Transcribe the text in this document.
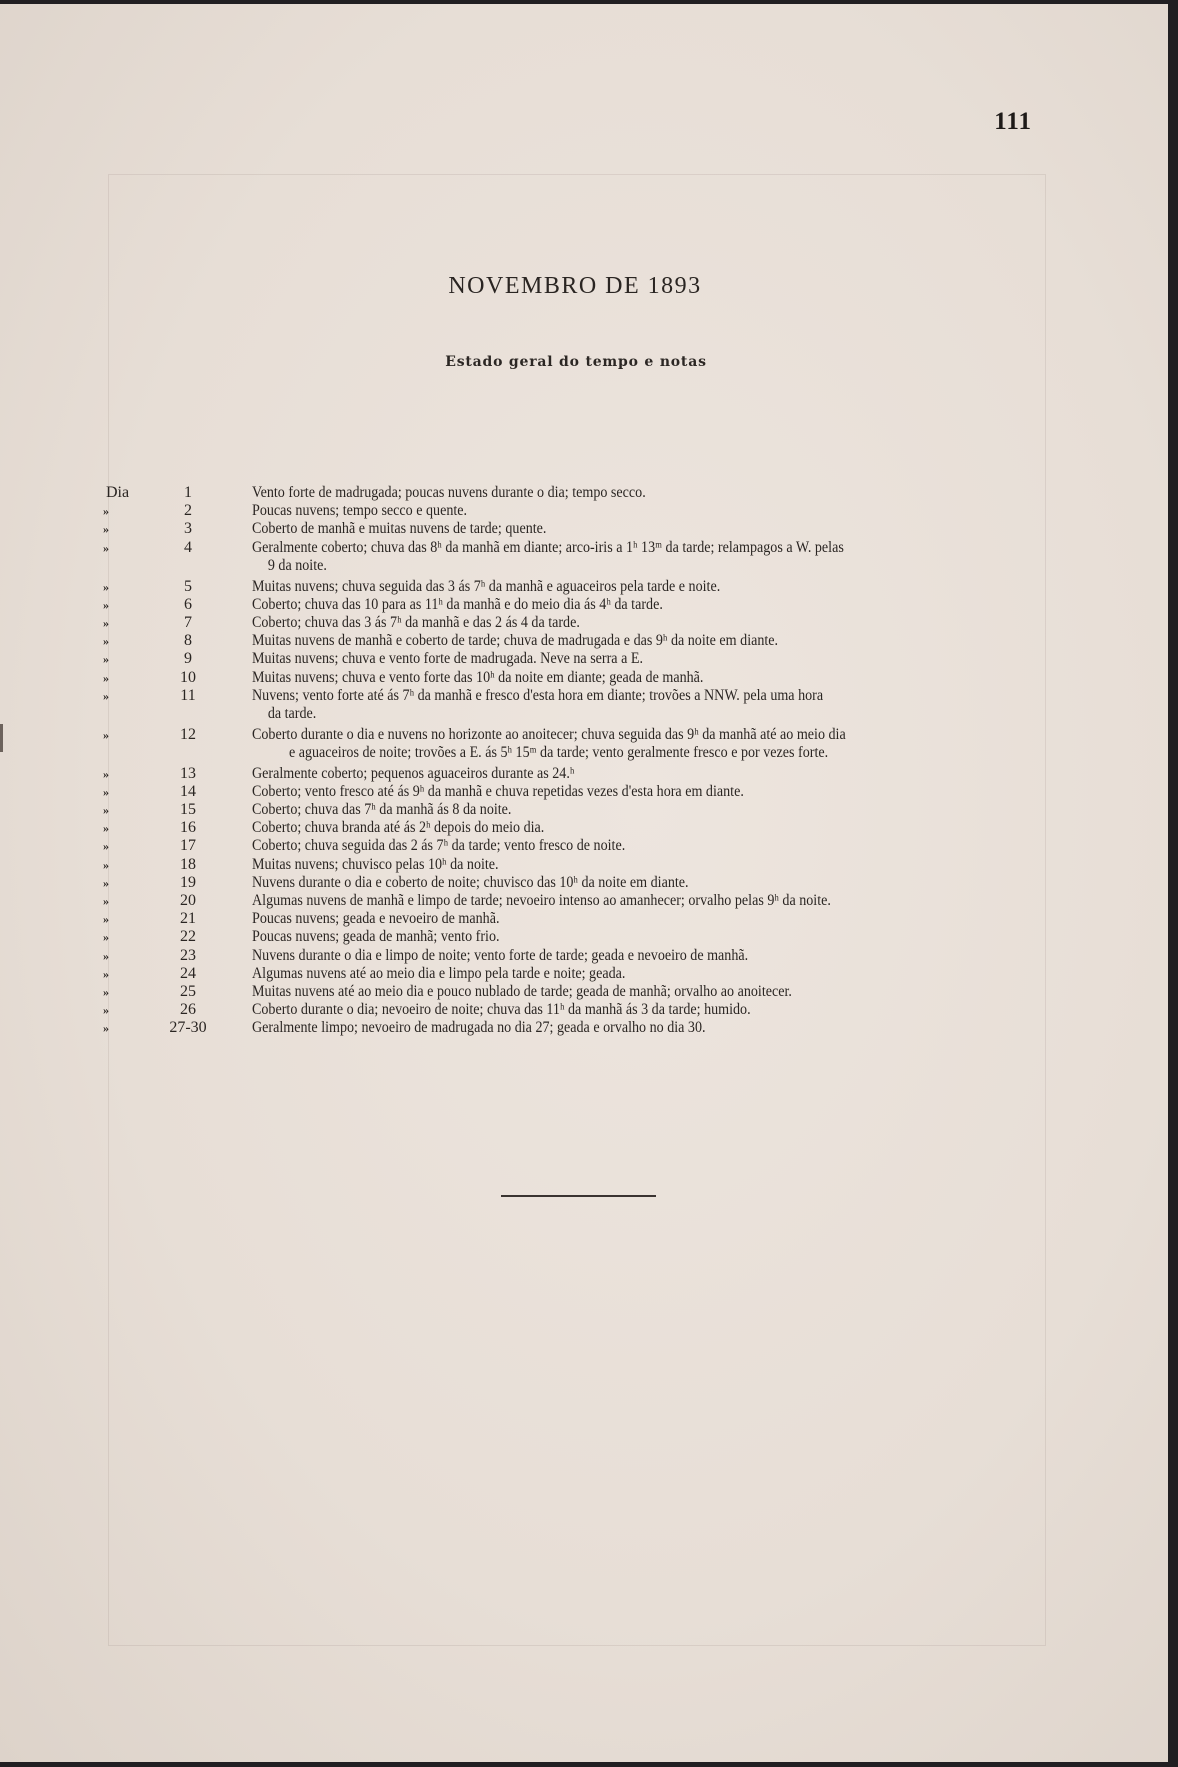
111
NOVEMBRO DE 1893
Estado geral do tempo e notas
Dia	1	Vento forte de madrugada; poucas nuvens durante o dia; tempo secco.
»	2	Poucas nuvens; tempo secco e quente.
»	3	Coberto de manhã e muitas nuvens de tarde; quente.
»	4	Geralmente coberto; chuva das 8ʰ da manhã em diante; arco-iris a 1ʰ 13ᵐ da tarde; relampagos a W. pelas
9 da noite.
»	5	Muitas nuvens; chuva seguida das 3 ás 7ʰ da manhã e aguaceiros pela tarde e noite.
»	6	Coberto; chuva das 10 para as 11ʰ da manhã e do meio dia ás 4ʰ da tarde.
»	7	Coberto; chuva das 3 ás 7ʰ da manhã e das 2 ás 4 da tarde.
»	8	Muitas nuvens de manhã e coberto de tarde; chuva de madrugada e das 9ʰ da noite em diante.
»	9	Muitas nuvens; chuva e vento forte de madrugada. Neve na serra a E.
»	10	Muitas nuvens; chuva e vento forte das 10ʰ da noite em diante; geada de manhã.
»	11	Nuvens; vento forte até ás 7ʰ da manhã e fresco d'esta hora em diante; trovões a NNW. pela uma hora
da tarde.
»	12	Coberto durante o dia e nuvens no horizonte ao anoitecer; chuva seguida das 9ʰ da manhã até ao meio dia
e aguaceiros de noite; trovões a E. ás 5ʰ 15ᵐ da tarde; vento geralmente fresco e por vezes forte.
»	13	Geralmente coberto; pequenos aguaceiros durante as 24.ʰ
»	14	Coberto; vento fresco até ás 9ʰ da manhã e chuva repetidas vezes d'esta hora em diante.
»	15	Coberto; chuva das 7ʰ da manhã ás 8 da noite.
»	16	Coberto; chuva branda até ás 2ʰ depois do meio dia.
»	17	Coberto; chuva seguida das 2 ás 7ʰ da tarde; vento fresco de noite.
»	18	Muitas nuvens; chuvisco pelas 10ʰ da noite.
»	19	Nuvens durante o dia e coberto de noite; chuvisco das 10ʰ da noite em diante.
»	20	Algumas nuvens de manhã e limpo de tarde; nevoeiro intenso ao amanhecer; orvalho pelas 9ʰ da noite.
»	21	Poucas nuvens; geada e nevoeiro de manhã.
»	22	Poucas nuvens; geada de manhã; vento frio.
»	23	Nuvens durante o dia e limpo de noite; vento forte de tarde; geada e nevoeiro de manhã.
»	24	Algumas nuvens até ao meio dia e limpo pela tarde e noite; geada.
»	25	Muitas nuvens até ao meio dia e pouco nublado de tarde; geada de manhã; orvalho ao anoitecer.
»	26	Coberto durante o dia; nevoeiro de noite; chuva das 11ʰ da manhã ás 3 da tarde; humido.
»	27-30	Geralmente limpo; nevoeiro de madrugada no dia 27; geada e orvalho no dia 30.
